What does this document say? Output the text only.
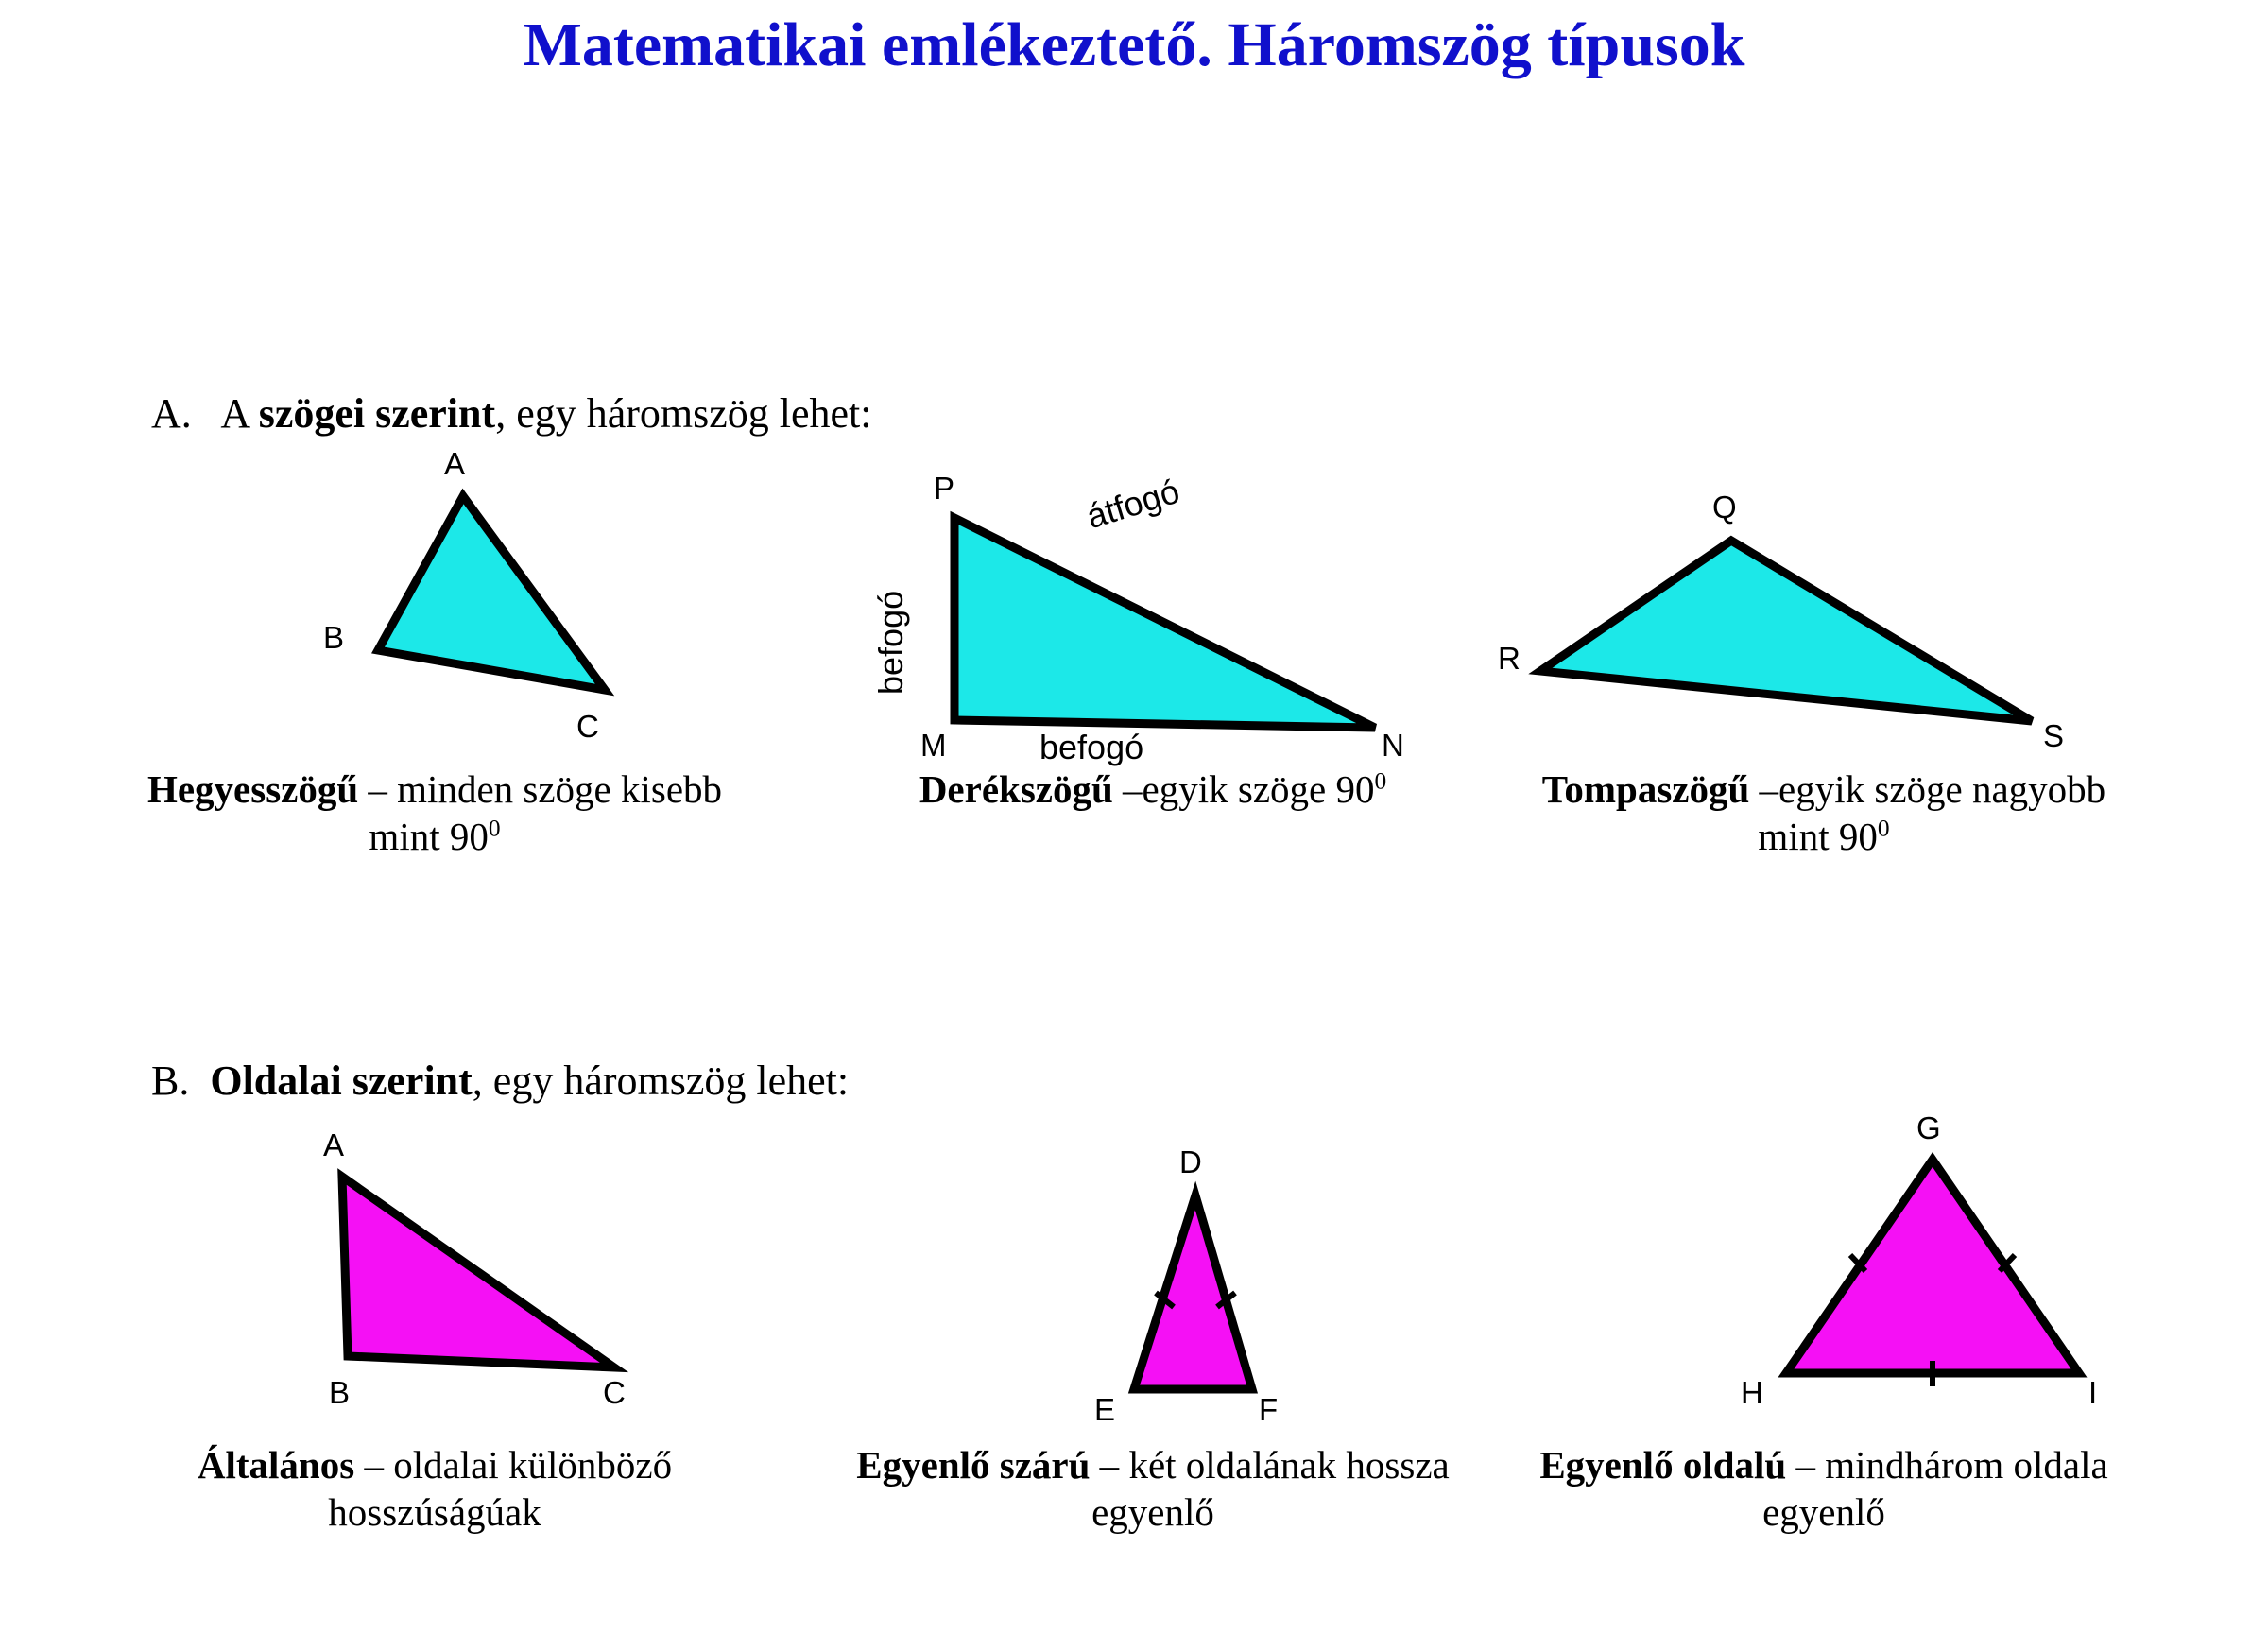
Matematikai emlékeztető. Háromszög típusok
A. A szögei szerint, egy háromszög lehet:
A
B
C
Hegyesszögű – minden szöge kisebb mint $90^0$
P
M	N
befogó
átfogó
befogó
Derékszögű –egyik szöge $90^0$
Q
R
S
Tompaszögű –egyik szöge nagyobb mint $90^0$
B. Oldalai szerint, egy háromszög lehet:
A
B	C
Általános – oldalai különböző hosszúságúak
D
E	F
Egyenlő szárú – két oldalának hossza egyenlő
G
H	I
Egyenlő oldalú – mindhárom oldala egyenlő
